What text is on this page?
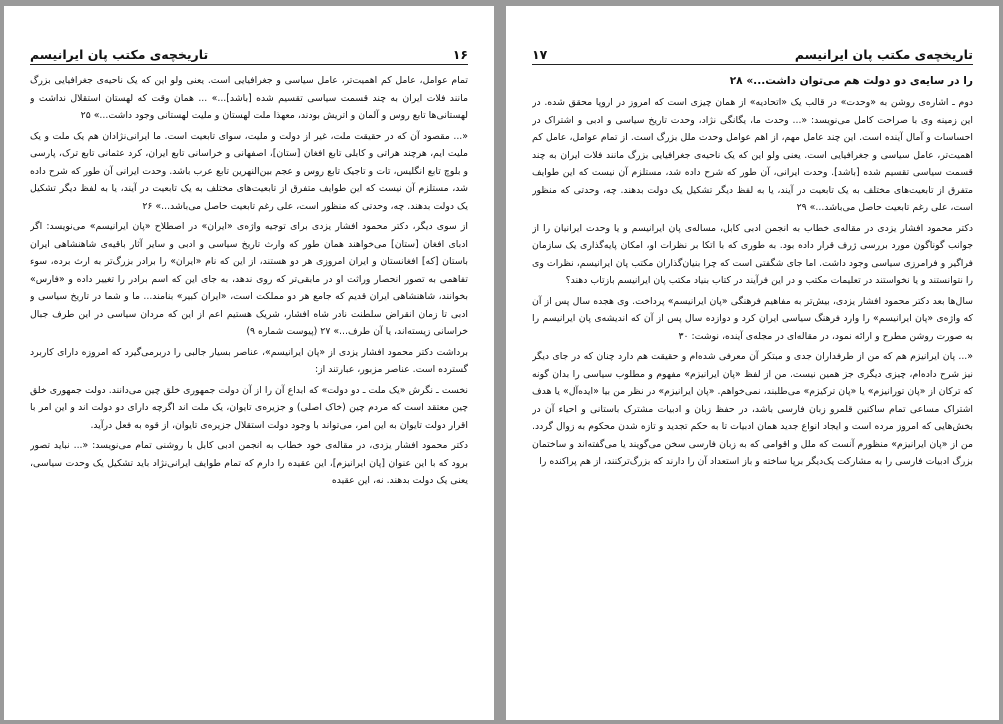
تاریخچه‌ی مکتب پان ایرانیسم
۱۷

را در سایه‌ی دو دولت هم می‌توان داشت...» ۲۸

دوم ـ اشاره‌ی روشن به «وحدت» در قالب یک «اتحادیه» از همان چیزی است که امروز در اروپا محقق شده. در این زمینه وی با صراحت کامل می‌نویسد: «... وحدت ما، یگانگی نژاد، وحدت تاریخ سیاسی و ادبی و اشتراک در احساسات و آمال آینده است. این چند عامل مهم، از اهم عوامل وحدت ملل بزرگ است. از تمام عوامل، عامل کم اهمیت‌تر، عامل سیاسی و جغرافیایی است. یعنی ولو این که یک ناحیه‌ی جغرافیایی بزرگ مانند فلات ایران به چند قسمت سیاسی تقسیم شده [باشد]. وحدت ایرانی، آن طور که شرح داده شد، مستلزم آن نیست که این طوایف متفرق از تابعیت‌های مختلف به یک تابعیت در آیند، یا به لفظ دیگر تشکیل یک دولت بدهند. چه، وحدتی که منظور است، علی رغم تابعیت حاصل می‌باشد...» ۲۹

دکتر محمود افشار یزدی در مقاله‌ی خطاب به انجمن ادبی کابل، مساله‌ی پان ایرانیسم و یا وحدت ایرانیان را از جوانب گوناگون مورد بررسی ژرف قرار داده بود. به طوری که با اتکا بر نظرات او، امکان پایه‌گذاری یک سازمان فراگیر و فرامرزی سیاسی وجود داشت. اما جای شگفتی است که چرا بنیان‌گذاران مکتب پان ایرانیسم، نظرات وی را نتوانستند و یا نخواستند در تعلیمات مکتب و در این فرآیند در کتاب بنیاد مکتب پان ایرانیسم بازتاب دهند؟

سال‌ها بعد دکتر محمود افشار یزدی، بیش‌تر به مفاهیم فرهنگی «پان ایرانیسم» پرداخت. وی هجده سال پس از آن که واژه‌ی «پان ایرانیسم» را وارد فرهنگ سیاسی ایران کرد و دوازده سال پس از آن که اندیشه‌ی پان ایرانیسم را به صورت روشن مطرح و ارائه نمود، در مقاله‌ای در مجله‌ی آینده، نوشت: ۳۰

«... پان ایرانیزم هم که من از طرفداران جدی و مبتکر آن معرفی شده‌ام و حقیقت هم دارد چنان که در جای دیگر نیز شرح داده‌ام، چیزی دیگری جز همین نیست. من از لفظ «پان ایرانیزم» مفهوم و مطلوب سیاسی را بدان گونه که ترکان از «پان تورانیزم» یا «پان ترکیزم» می‌طلبند، نمی‌خواهم. «پان ایرانیزم» در نظر من بیا «ایده‌آل» یا هدف اشتراک مساعی تمام ساکنین قلمرو زبان فارسی باشد، در حفظ زبان و ادبیات مشترک باستانی و احیاء آن در بخش‌هایی که امروز مرده است و ایجاد انواع جدید همان ادبیات تا به حکم تجدید و تازه شدن محکوم به زوال گردد. من از «پان ایرانیزم» منظورم آنست که ملل و اقوامی که به زبان فارسی سخن می‌گویند یا می‌گفته‌اند و ساختمان بزرگ ادبیات فارسی را به مشارکت یک‌دیگر برپا ساخته و باز استعداد آن را دارند که بزرگ‌ترکنند، از هم پراکنده را

۱۶
تاریخچه‌ی مکتب پان ایرانیسم

تمام عوامل، عامل کم اهمیت‌تر، عامل سیاسی و جغرافیایی است. یعنی ولو این که یک ناحیه‌ی جغرافیایی بزرگ مانند فلات ایران به چند قسمت سیاسی تقسیم شده [باشد]...» ... همان وقت که لهستان استقلال نداشت و لهستانی‌ها تابع روس و آلمان و اتریش بودند، معهذا ملت لهستان و ملیت لهستانی وجود داشت...» ۲۵

«... مقصود آن که در حقیقت ملت، غیر از دولت و ملیت، سوای تابعیت است. ما ایرانی‌نژادان هم یک ملت و یک ملیت ایم، هرچند هراتی و کابلی تابع افغان [ستان]، اصفهانی و خراسانی تابع ایران، کرد عثمانی تابع ترک، پارسی و بلوچ تابع انگلیس، تات و تاجیک تابع روس و عجم بین‌النهرین تابع عرب باشد. وحدت ایرانی آن طور که شرح داده شد، مستلزم آن نیست که این طوایف متفرق از تابعیت‌های مختلف به یک تابعیت در آیند، یا به لفظ دیگر تشکیل یک دولت بدهند. چه، وحدتی که منظور است، علی رغم تابعیت حاصل می‌باشد...» ۲۶

از سوی دیگر، دکتر محمود افشار یزدی برای توجیه واژه‌ی «ایران» در اصطلاح «پان ایرانیسم» می‌نویسد: اگر ادبای افغان [ستان] می‌خواهند همان طور که وارث تاریخ سیاسی و ادبی و سایر آثار باقیه‌ی شاهنشاهی ایران باستان [که] افغانستان و ایران امروزی هر دو هستند، از این که نام «ایران» را برادر بزرگ‌تر به ارث برده، سوء تفاهمی به تصور انحصار وراثت او در مابقی‌تر که روی ندهد، به جای این که اسم برادر را تغییر داده و «فارس» بخوانند، شاهنشاهی ایران قدیم که جامع هر دو مملکت است، «ایران کبیر» بنامند... ما و شما در تاریخ سیاسی و ادبی تا زمان انقراض سلطنت نادر شاه افشار، شریک هستیم اعم از این که مردان سیاسی در این طرف جبال خراسانی زیسته‌اند، یا آن طرف...» ۲۷ (پیوست شماره ۹)

برداشت دکتر محمود افشار یزدی از «پان ایرانیسم»، عناصر بسیار جالبی را دربرمی‌گیرد که امروزه دارای کاربرد گسترده است. عناصر مزبور، عبارتند از:

نخست ـ نگرش «یک ملت ـ دو دولت» که ابداع آن را از آن دولت جمهوری خلق چین می‌دانند. دولت جمهوری خلق چین معتقد است که مردم چین (خاک اصلی) و جزیره‌ی تایوان، یک ملت اند اگرچه دارای دو دولت اند و این امر با اقرار دولت تایوان به این امر، می‌تواند با وجود دولت استقلال جزیره‌ی تایوان، از قوه به فعل درآید.

دکتر محمود افشار یزدی، در مقاله‌ی خود خطاب به انجمن ادبی کابل با روشنی تمام می‌نویسد: «... نباید تصور برود که با این عنوان [پان ایرانیزم]، این عقیده را دارم که تمام طوایف ایرانی‌نژاد باید تشکیل یک وحدت سیاسی، یعنی یک دولت بدهند. نه، این عقیده
